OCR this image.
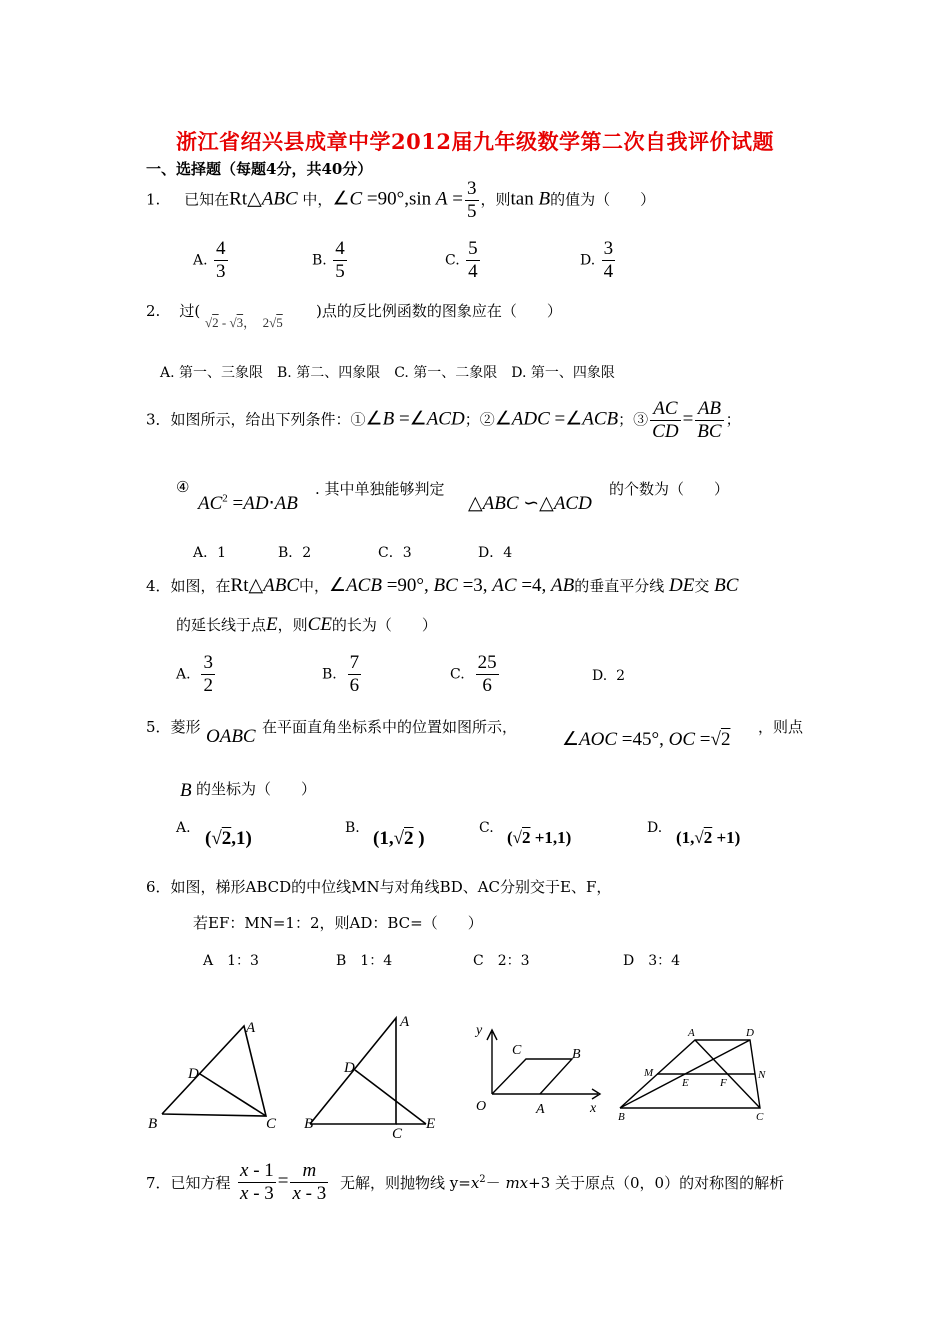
浙江省绍兴县成章中学2012届九年级数学第二次自我评价试题
一、选择题（每题4分，共40分）
1. 已知在Rt△ABC 中，∠C =90°,sin $A = \frac{3}{5}$ ，则tan B的值为（　　）
A. $\frac{4}{3}$	B. $\frac{4}{5}$	C. $\frac{5}{4}$	D. $\frac{3}{4}$
2. 过(
√2 - √3，  2√5
)点的反比例函数的图象应在（　　）
A. 第一、三象限　B. 第二、四象限　C. 第一、二象限　D. 第一、四象限
3．如图所示，给出下列条件：①∠B =∠ACD；②∠ADC =∠ACB；③ $\frac{AC}{CD} = \frac{AB}{BC}$ ；
④
$AC^2 =AD\cdot AB$
. 其中单独能够判定
△ABC ∽△ACD
的个数为（　　）
A．1	B．2	C．3	D．4
4．如图，在Rt△ABC中，∠ACB =90°, BC =3, AC =4, AB的垂直平分线 DE交 BC
的延长线于点E，则CE的长为（　　）
A. $\frac{3}{2}$	B. $\frac{7}{6}$	C. $\frac{25}{6}$	D. 2
5．菱形 OABC 在平面直角坐标系中的位置如图所示，
∠AOC =45°, OC =√2
，则点
B 的坐标为（　　）
A. (√2,1)	B. (1,√2 )	C. (√2 +1,1)	D. (1,√2 +1)
6．如图，梯形ABCD的中位线MN与对角线BD、AC分别交于E、F，
若EF：MN=1：2，则AD：BC=（　　）
A　1：3	B　1：4	C　2：3	D　3：4
A
D
B	C
A
D
B
C
E
y
C	B
O	A	x
A	D
M
E	F
N
B	C
7．已知方程 $\frac{x - 1}{x - 3} = \frac{m}{x - 3}$ 无解，则抛物线 $y=x^2- mx+3$ 关于原点（0，0）的对称图的解析
